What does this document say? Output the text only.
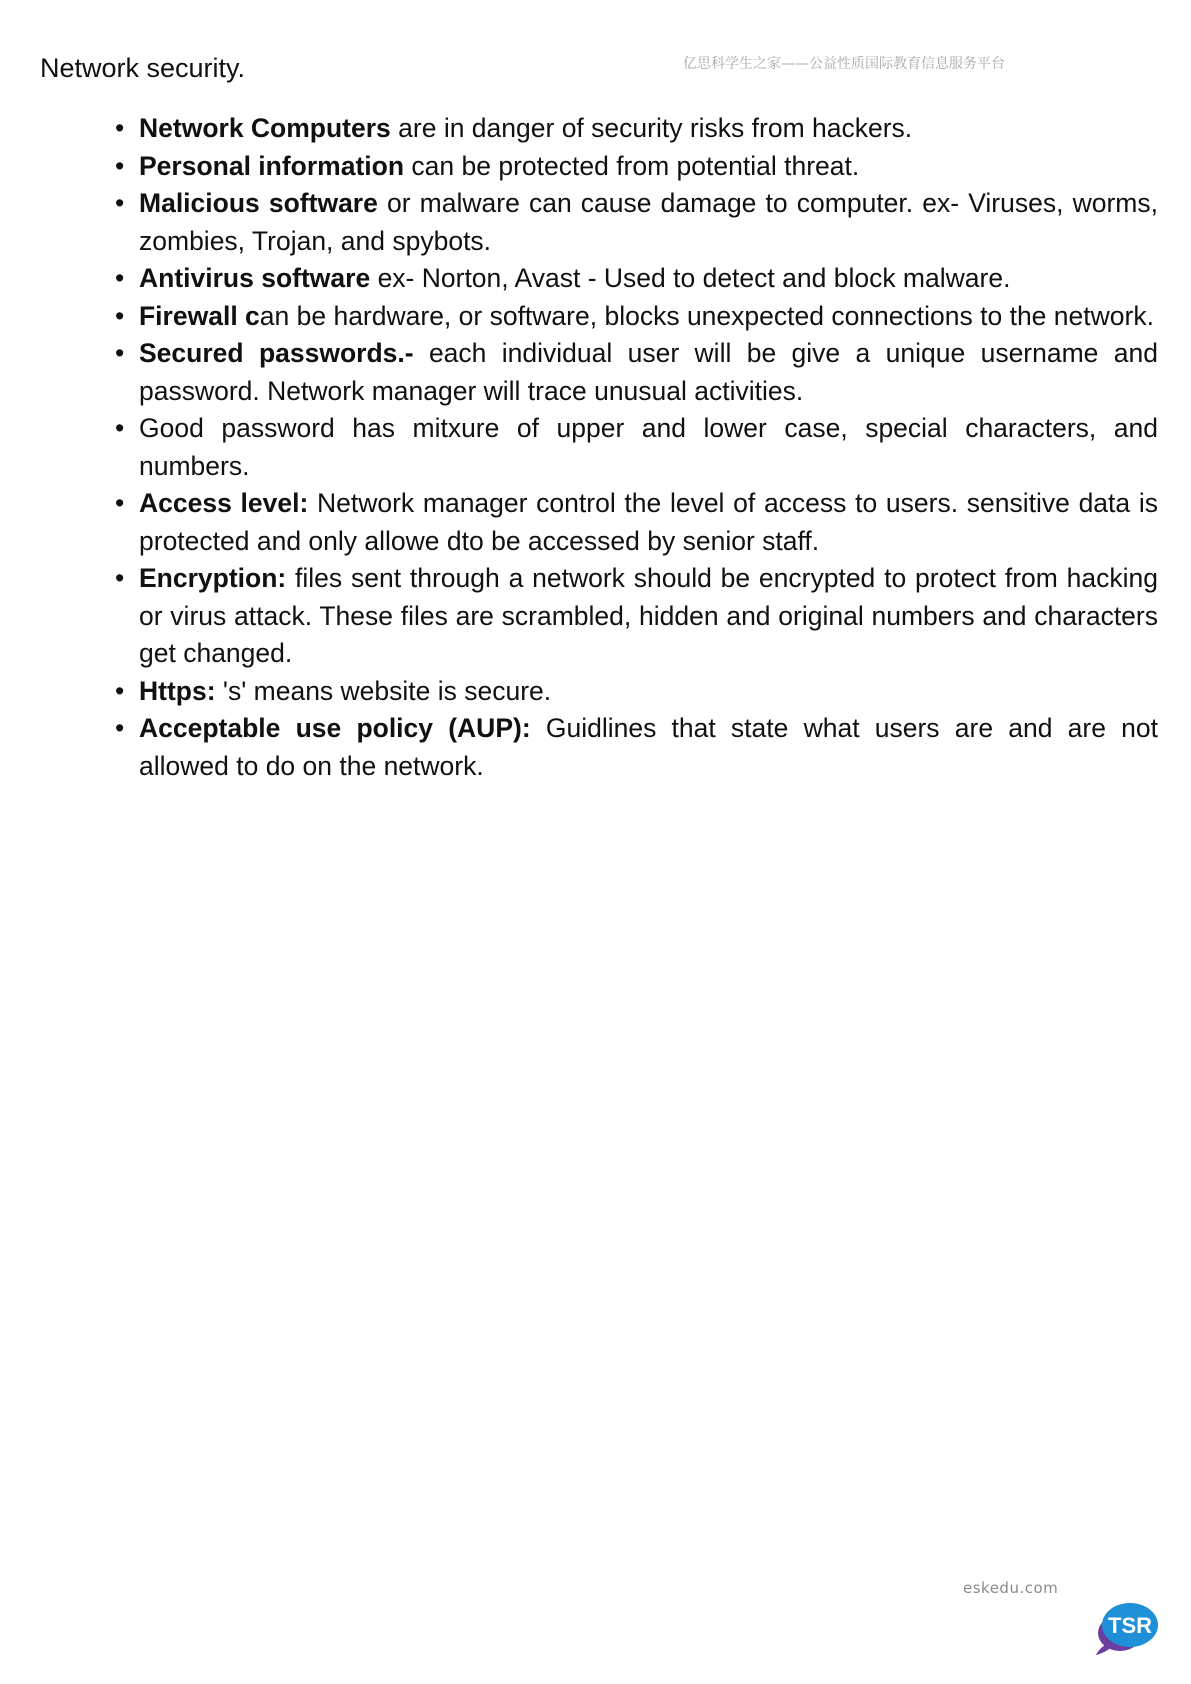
Network security.	亿思科学生之家——公益性质国际教育信息服务平台
• Network Computers are in danger of security risks from hackers.
• Personal information can be protected from potential threat.
• Malicious software or malware can cause damage to computer. ex- Viruses, worms, zombies, Trojan, and spybots.
• Antivirus software ex- Norton, Avast - Used to detect and block malware.
• Firewall can be hardware, or software, blocks unexpected connections to the network.
• Secured passwords.- each individual user will be give a unique username and password. Network manager will trace unusual activities.
• Good password has mitxure of upper and lower case, special characters, and numbers.
• Access level: Network manager control the level of access to users. sensitive data is protected and only allowe dto be accessed by senior staff.
• Encryption: files sent through a network should be encrypted to protect from hacking or virus attack. These files are scrambled, hidden and original numbers and characters get changed.
• Https: 's' means website is secure.
• Acceptable use policy (AUP): Guidlines that state what users are and are not allowed to do on the network.
eskedu.com
TSR
